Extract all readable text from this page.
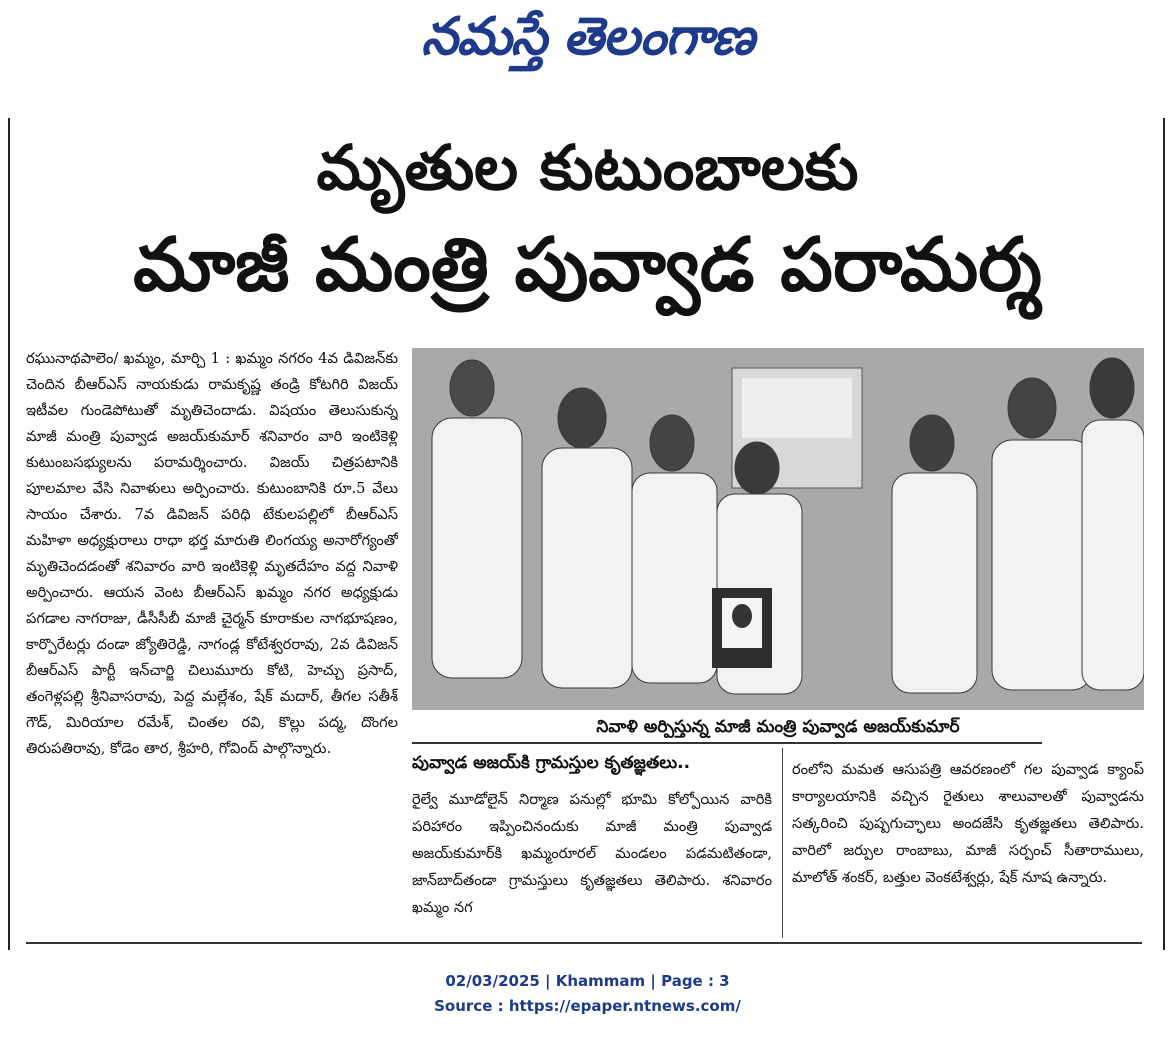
నమస్తే తెలంగాణ
మృతుల కుటుంబాలకు
మాజీ మంత్రి పువ్వాడ పరామర్శ
రఘునాథపాలెం/ ఖమ్మం, మార్చి 1 : ఖమ్మం నగరం 4వ డివిజన్‌కు చెందిన బీఆర్‌ఎస్ నాయకుడు రామకృష్ణ తండ్రి కోటగిరి విజయ్ ఇటీవల గుండెపోటుతో మృతిచెందాడు. విషయం తెలుసుకున్న మాజీ మంత్రి పువ్వాడ అజయ్‌కుమార్ శనివారం వారి ఇంటికెళ్లి కుటుంబసభ్యులను పరామర్శించారు. విజయ్ చిత్రపటానికి పూలమాల వేసి నివాళులు అర్పించారు. కుటుంబానికి రూ.5 వేలు సాయం చేశారు. 7వ డివిజన్ పరిధి టేకులపల్లిలో బీఆర్‌ఎస్ మహిళా అధ్యక్షురాలు రాధా భర్త మారుతి లింగయ్య అనారోగ్యంతో మృతిచెందడంతో శనివారం వారి ఇంటికెళ్లి మృతదేహం వద్ద నివాళి అర్పించారు. ఆయన వెంట బీఆర్‌ఎస్ ఖమ్మం నగర అధ్యక్షుడు పగడాల నాగరాజు, డీసీసీబీ మాజీ చైర్మన్ కూరాకుల నాగభూషణం, కార్పొరేటర్లు దండా జ్యోతిరెడ్డి, నాగండ్ల కోటేశ్వరరావు, 2వ డివిజన్ బీఆర్‌ఎస్ పార్టీ ఇన్‌చార్జి చిలుమూరు కోటి, హెచ్చు ప్రసాద్, తంగెళ్లపల్లి శ్రీనివాసరావు, పెద్ద మల్లేశం, షేక్ మదార్, తీగల సతీశ్ గౌడ్, మిరియాల రమేశ్, చింతల రవి, కొల్లు పద్మ, దొంగల తిరుపతిరావు, కోడెం తార, శ్రీహరి, గోవింద్ పాల్గొన్నారు.
నివాళి అర్పిస్తున్న మాజీ మంత్రి పువ్వాడ అజయ్‌కుమార్
పువ్వాడ అజయ్‌కి గ్రామస్తుల కృతజ్ఞతలు..
రైల్వే మూడోలైన్ నిర్మాణ పనుల్లో భూమి కోల్పోయిన వారికి పరిహారం ఇప్పించినందుకు మాజీ మంత్రి పువ్వాడ అజయ్‌కుమార్‌కి ఖమ్మంరూరల్ మండలం పడమటితండా, జాన్‌బాద్‌తండా గ్రామస్తులు కృతజ్ఞతలు తెలిపారు. శనివారం ఖమ్మం నగ
రంలోని మమత ఆసుపత్రి ఆవరణంలో గల పువ్వాడ క్యాంప్ కార్యాలయానికి వచ్చిన రైతులు శాలువాలతో పువ్వాడను సత్కరించి పుష్పగుచ్ఛాలు అందజేసి కృతజ్ఞతలు తెలిపారు. వారిలో జర్పుల రాంబాబు, మాజీ సర్పంచ్ సీతారాములు, మాలోత్ శంకర్, బత్తుల వెంకటేశ్వర్లు, షేక్ నూష ఉన్నారు.
02/03/2025 | Khammam | Page : 3
Source : https://epaper.ntnews.com/
